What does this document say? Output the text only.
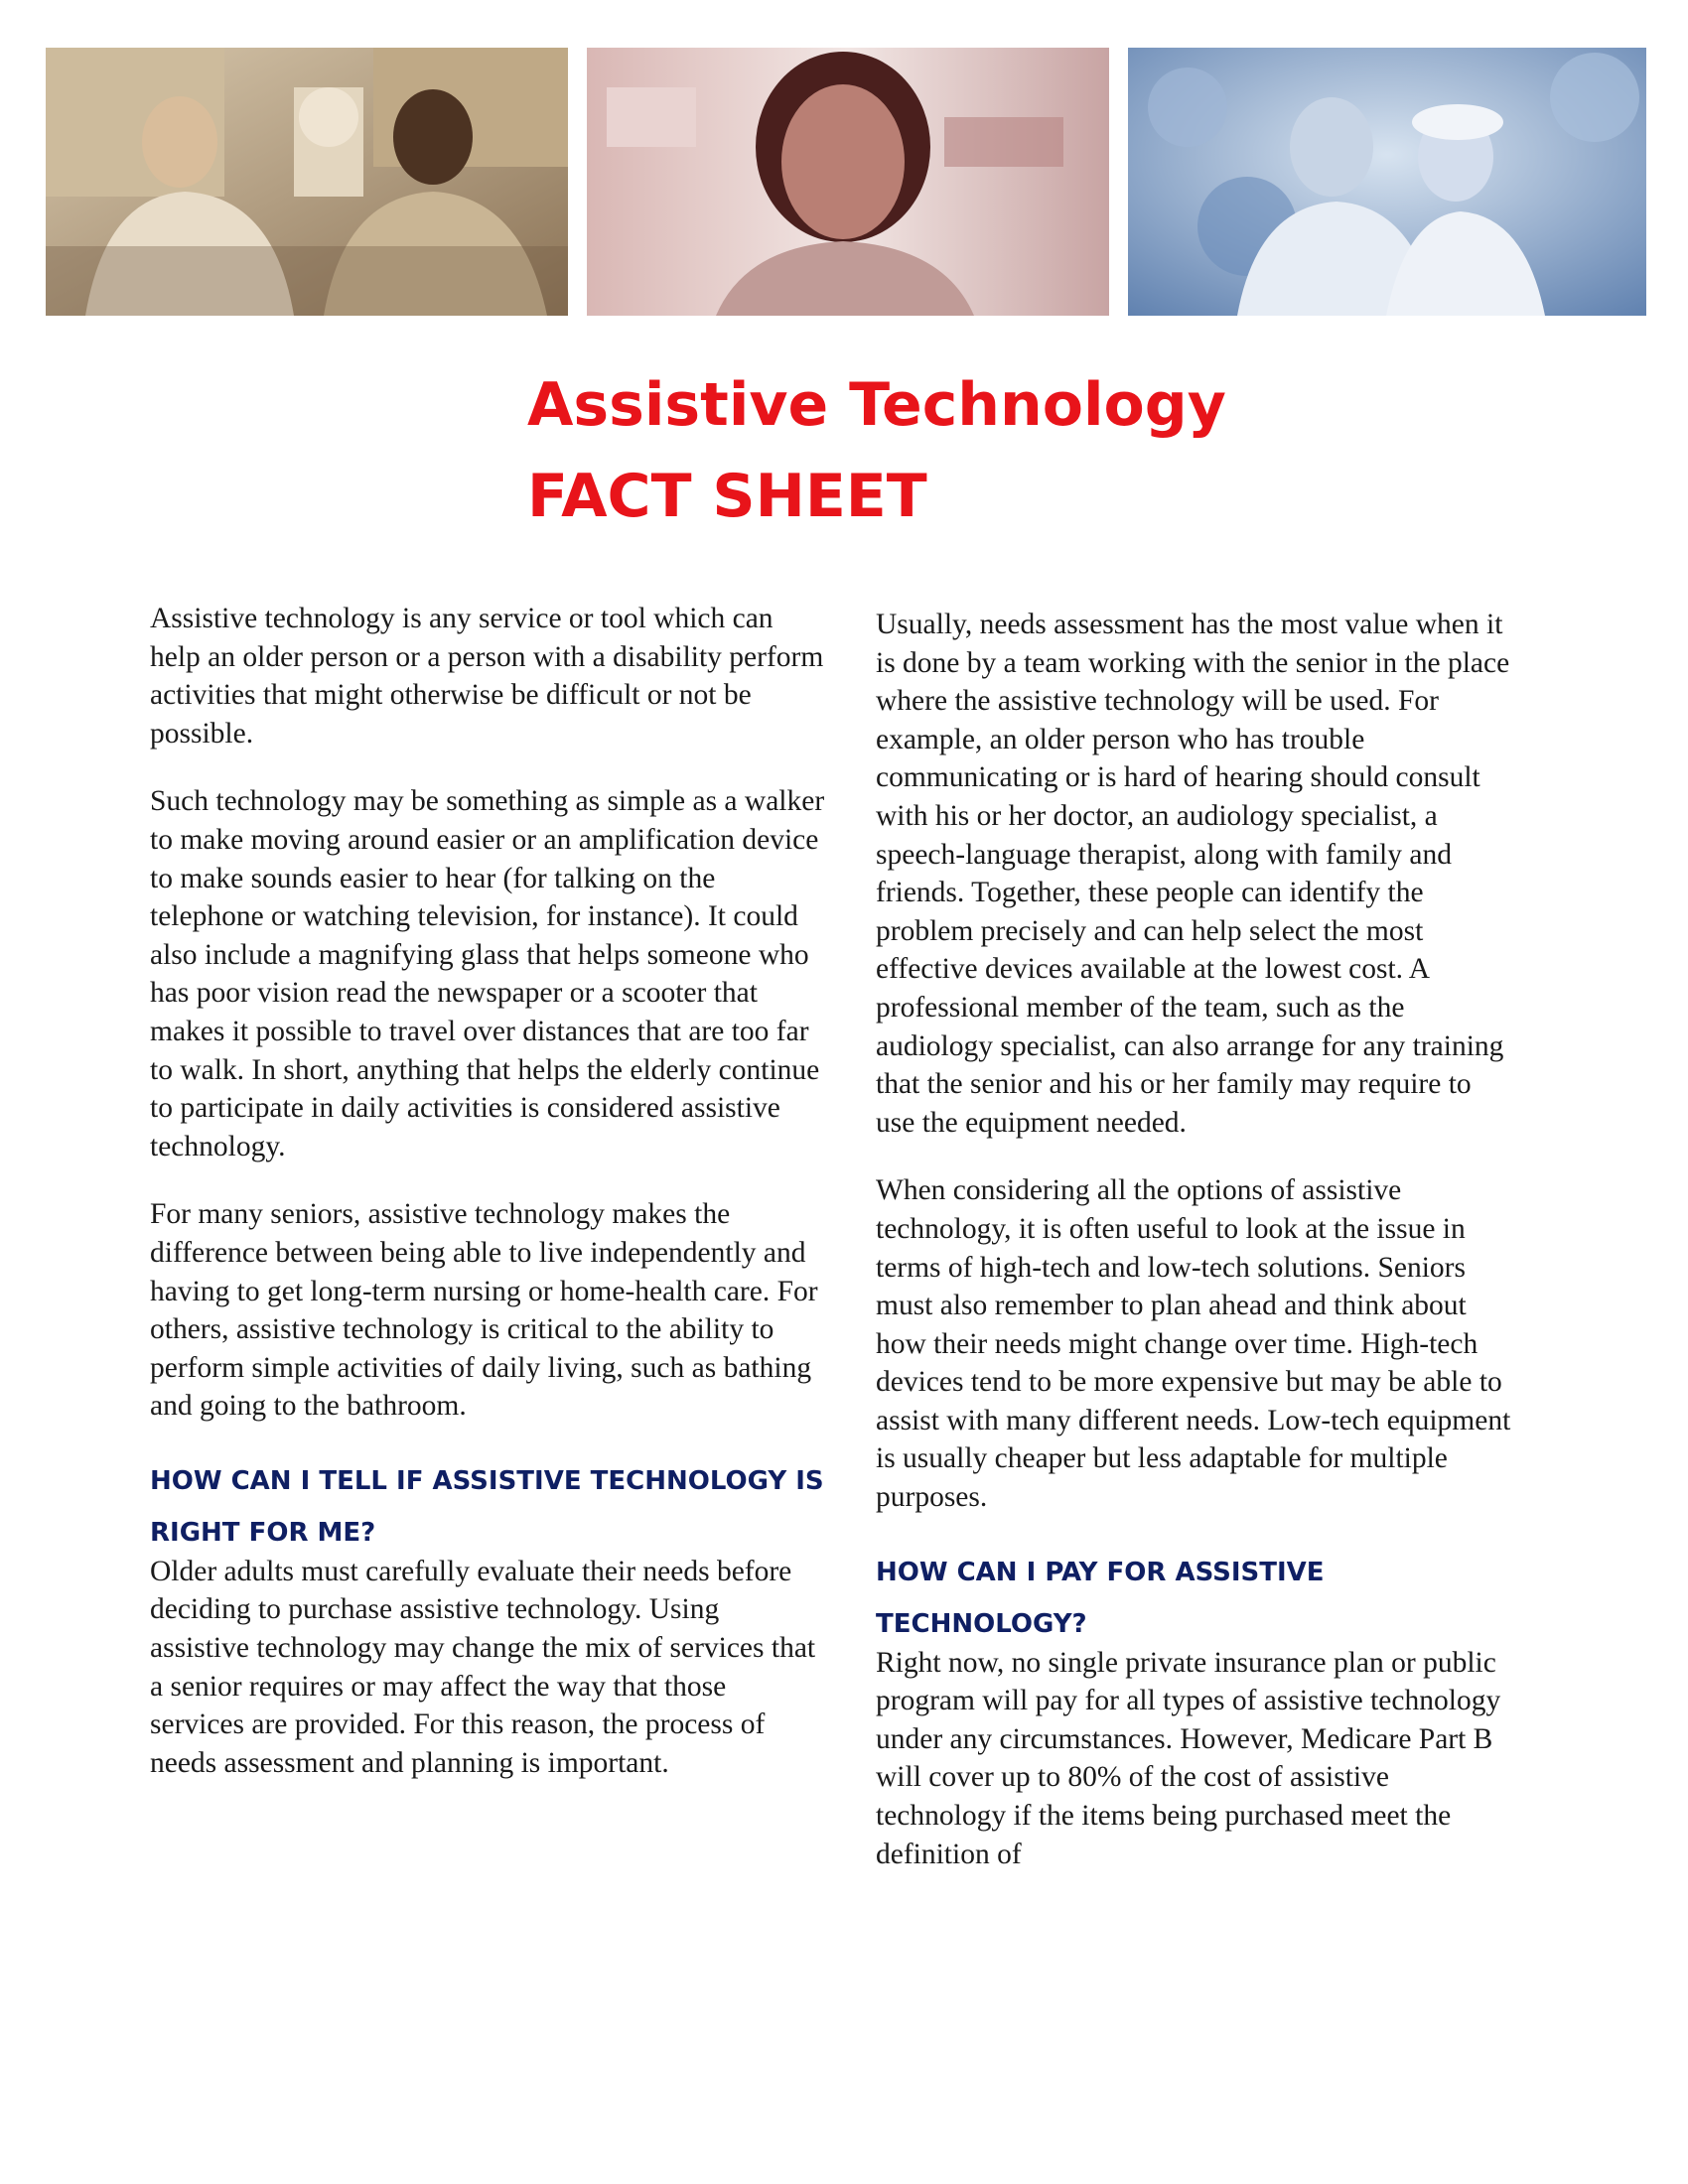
Assistive Technology
FACT SHEET

Assistive technology is any service or tool which can help an older person or a person with a disability perform activities that might otherwise be difficult or not be possible.

Such technology may be something as simple as a walker to make moving around easier or an amplification device to make sounds easier to hear (for talking on the telephone or watching television, for instance). It could also include a magnifying glass that helps someone who has poor vision read the newspaper or a scooter that makes it possible to travel over distances that are too far to walk. In short, anything that helps the elderly continue to participate in daily activities is considered assistive technology.

For many seniors, assistive technology makes the difference between being able to live independently and having to get long-term nursing or home-health care. For others, assistive technology is critical to the ability to perform simple activities of daily living, such as bathing and going to the bathroom.

HOW CAN I TELL IF ASSISTIVE TECHNOLOGY IS RIGHT FOR ME?

Older adults must carefully evaluate their needs before deciding to purchase assistive technology. Using assistive technology may change the mix of services that a senior requires or may affect the way that those services are provided. For this reason, the process of needs assessment and planning is important.

Usually, needs assessment has the most value when it is done by a team working with the senior in the place where the assistive technology will be used. For example, an older person who has trouble communicating or is hard of hearing should consult with his or her doctor, an audiology specialist, a speech-language therapist, along with family and friends. Together, these people can identify the problem precisely and can help select the most effective devices available at the lowest cost. A professional member of the team, such as the audiology specialist, can also arrange for any training that the senior and his or her family may require to use the equipment needed.

When considering all the options of assistive technology, it is often useful to look at the issue in terms of high-tech and low-tech solutions. Seniors must also remember to plan ahead and think about how their needs might change over time. High-tech devices tend to be more expensive but may be able to assist with many different needs. Low-tech equipment is usually cheaper but less adaptable for multiple purposes.

HOW CAN I PAY FOR ASSISTIVE TECHNOLOGY?

Right now, no single private insurance plan or public program will pay for all types of assistive technology under any circumstances. However, Medicare Part B will cover up to 80% of the cost of assistive technology if the items being purchased meet the definition of
